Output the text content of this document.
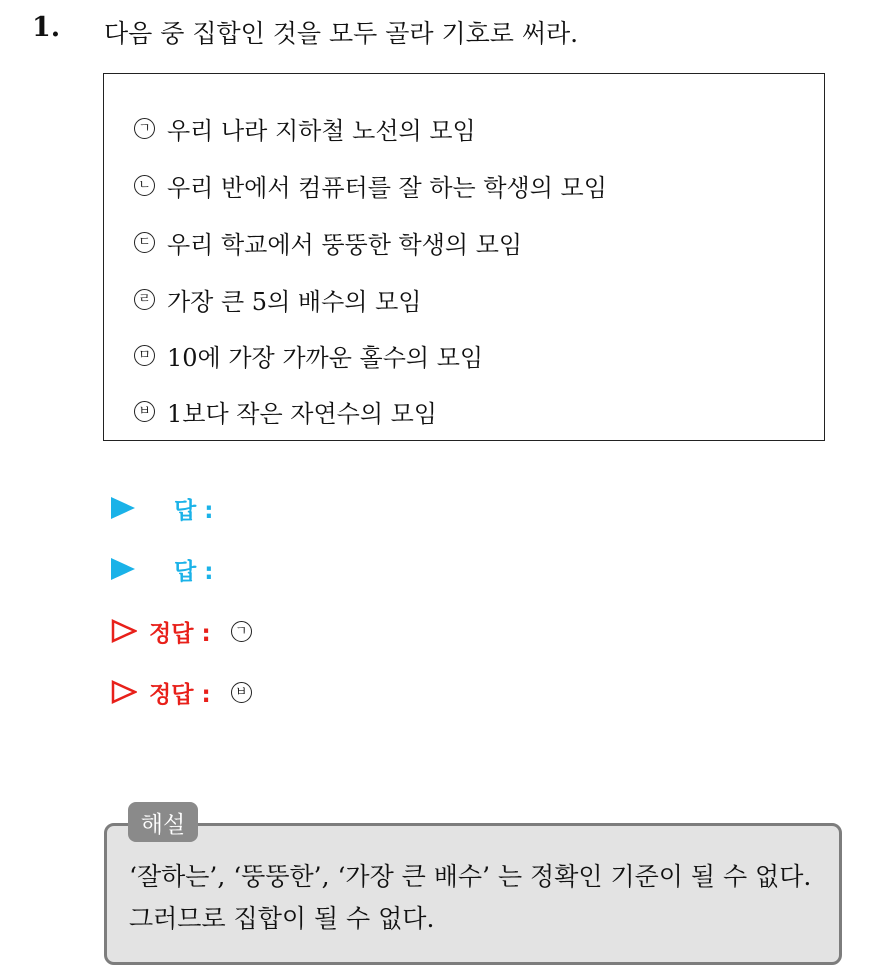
1. 다음 중 집합인 것을 모두 골라 기호로 써라.
ㄱ 우리 나라 지하철 노선의 모임
ㄴ 우리 반에서 컴퓨터를 잘 하는 학생의 모임
ㄷ 우리 학교에서 뚱뚱한 학생의 모임
ㄹ 가장 큰 5의 배수의 모임
ㅁ 10에 가장 가까운 홀수의 모임
ㅂ 1보다 작은 자연수의 모임
답 :
답 :
정답 :	ㄱ
정답 :	ㅂ
‘잘하는’, ‘뚱뚱한’, ‘가장 큰 배수’ 는 정확인 기준이 될 수 없다. 그러므로 집합이 될 수 없다.
해설
